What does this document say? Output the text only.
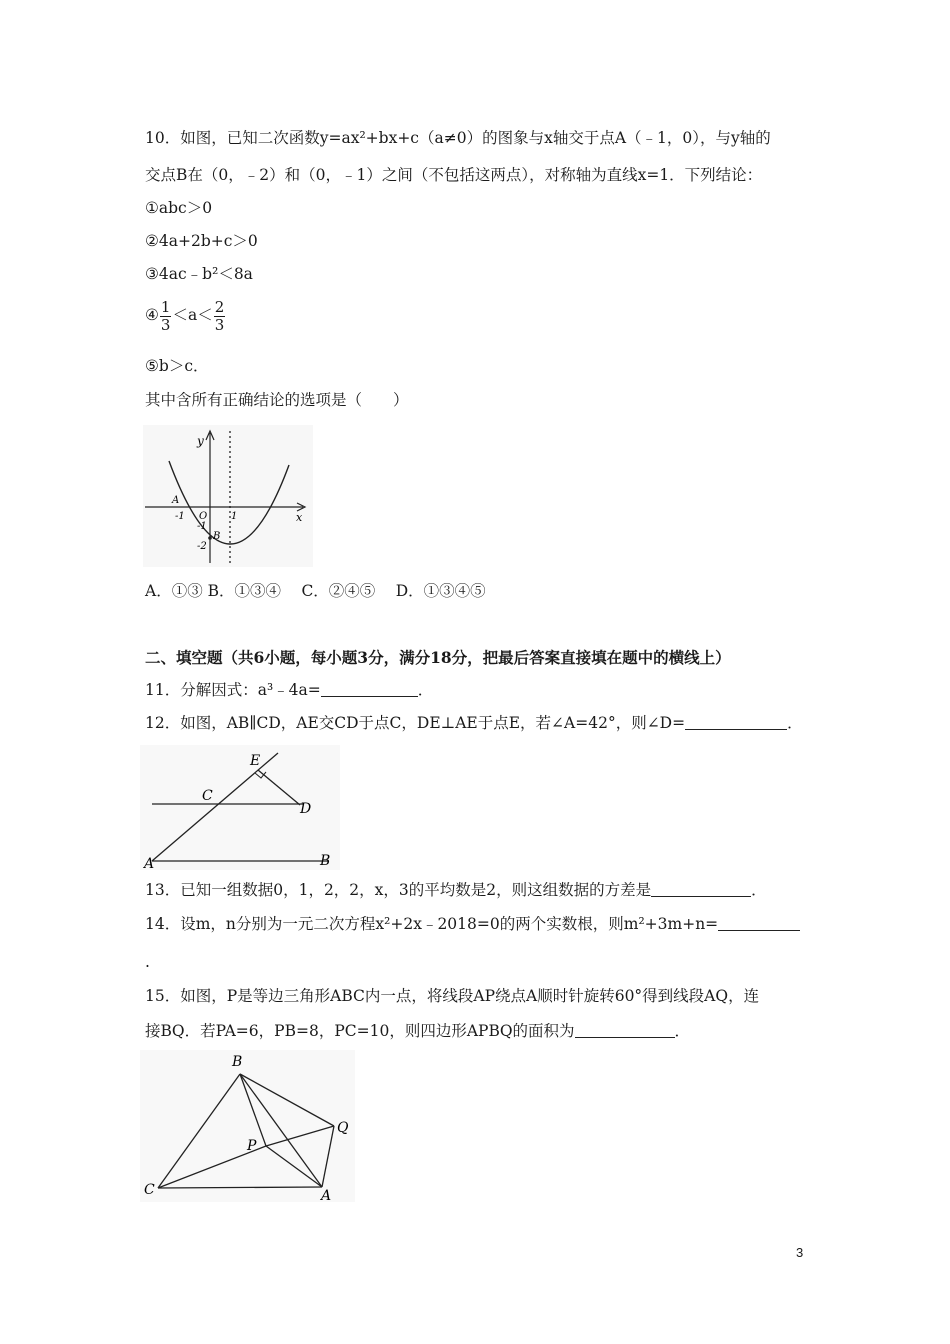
10．如图，已知二次函数y=ax²+bx+c（a≠0）的图象与x轴交于点A（﹣1，0），与y轴的
交点B在（0，﹣2）和（0，﹣1）之间（不包括这两点），对称轴为直线x=1．下列结论：
①abc＞0
②4a+2b+c＞0
③4ac﹣b²＜8a
④ $\frac{1}{3} <a< \frac{2}{3}$
⑤b＞c．
其中含所有正确结论的选项是（　　）
y
x
A
-1 O 1
-1
B
-2
A．①③ B．①③④　 C．②④⑤　 D．①③④⑤
二、填空题（共6小题，每小题3分，满分18分，把最后答案直接填在题中的横线上）
11．分解因式：a³﹣4a=	．
12．如图，AB∥CD，AE交CD于点C，DE⊥AE于点E，若∠A=42°，则∠D=	．
E
C
D
A	B
13．已知一组数据0，1，2，2，x，3的平均数是2，则这组数据的方差是	．
14．设m，n分别为一元二次方程x²+2x﹣2018=0的两个实数根，则m²+3m+n=
.
15．如图，P是等边三角形ABC内一点，将线段AP绕点A顺时针旋转60°得到线段AQ，连
接BQ．若PA=6，PB=8，PC=10，则四边形APBQ的面积为	．
B
Q
P
C	A
3
